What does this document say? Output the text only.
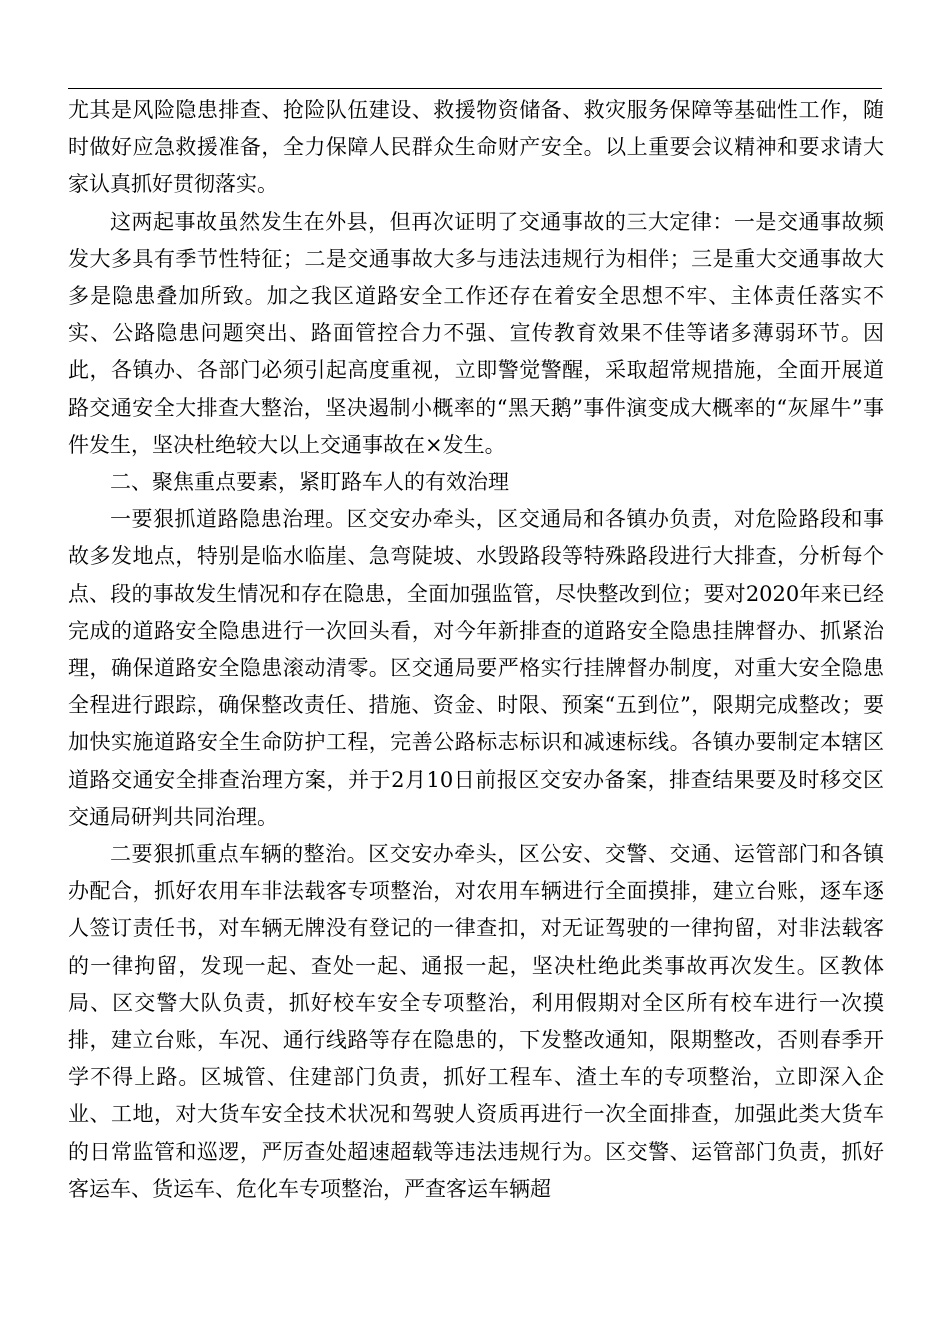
尤其是风险隐患排查、抢险队伍建设、救援物资储备、救灾服务保障等基础性工作，随时做好应急救援准备，全力保障人民群众生命财产安全。以上重要会议精神和要求请大家认真抓好贯彻落实。

这两起事故虽然发生在外县，但再次证明了交通事故的三大定律：一是交通事故频发大多具有季节性特征；二是交通事故大多与违法违规行为相伴；三是重大交通事故大多是隐患叠加所致。加之我区道路安全工作还存在着安全思想不牢、主体责任落实不实、公路隐患问题突出、路面管控合力不强、宣传教育效果不佳等诸多薄弱环节。因此，各镇办、各部门必须引起高度重视，立即警觉警醒，采取超常规措施，全面开展道路交通安全大排查大整治，坚决遏制小概率的“黑天鹅”事件演变成大概率的“灰犀牛”事件发生，坚决杜绝较大以上交通事故在×发生。

二、聚焦重点要素，紧盯路车人的有效治理

一要狠抓道路隐患治理。区交安办牵头，区交通局和各镇办负责，对危险路段和事故多发地点，特别是临水临崖、急弯陡坡、水毁路段等特殊路段进行大排查，分析每个点、段的事故发生情况和存在隐患，全面加强监管，尽快整改到位；要对2020年来已经完成的道路安全隐患进行一次回头看，对今年新排查的道路安全隐患挂牌督办、抓紧治理，确保道路安全隐患滚动清零。区交通局要严格实行挂牌督办制度，对重大安全隐患全程进行跟踪，确保整改责任、措施、资金、时限、预案“五到位”，限期完成整改；要加快实施道路安全生命防护工程，完善公路标志标识和减速标线。各镇办要制定本辖区道路交通安全排查治理方案，并于2月10日前报区交安办备案，排查结果要及时移交区交通局研判共同治理。

二要狠抓重点车辆的整治。区交安办牵头，区公安、交警、交通、运管部门和各镇办配合，抓好农用车非法载客专项整治，对农用车辆进行全面摸排，建立台账，逐车逐人签订责任书，对车辆无牌没有登记的一律查扣，对无证驾驶的一律拘留，对非法载客的一律拘留，发现一起、查处一起、通报一起，坚决杜绝此类事故再次发生。区教体局、区交警大队负责，抓好校车安全专项整治，利用假期对全区所有校车进行一次摸排，建立台账，车况、通行线路等存在隐患的，下发整改通知，限期整改，否则春季开学不得上路。区城管、住建部门负责，抓好工程车、渣土车的专项整治，立即深入企业、工地，对大货车安全技术状况和驾驶人资质再进行一次全面排查，加强此类大货车的日常监管和巡逻，严厉查处超速超载等违法违规行为。区交警、运管部门负责，抓好客运车、货运车、危化车专项整治，严查客运车辆超
